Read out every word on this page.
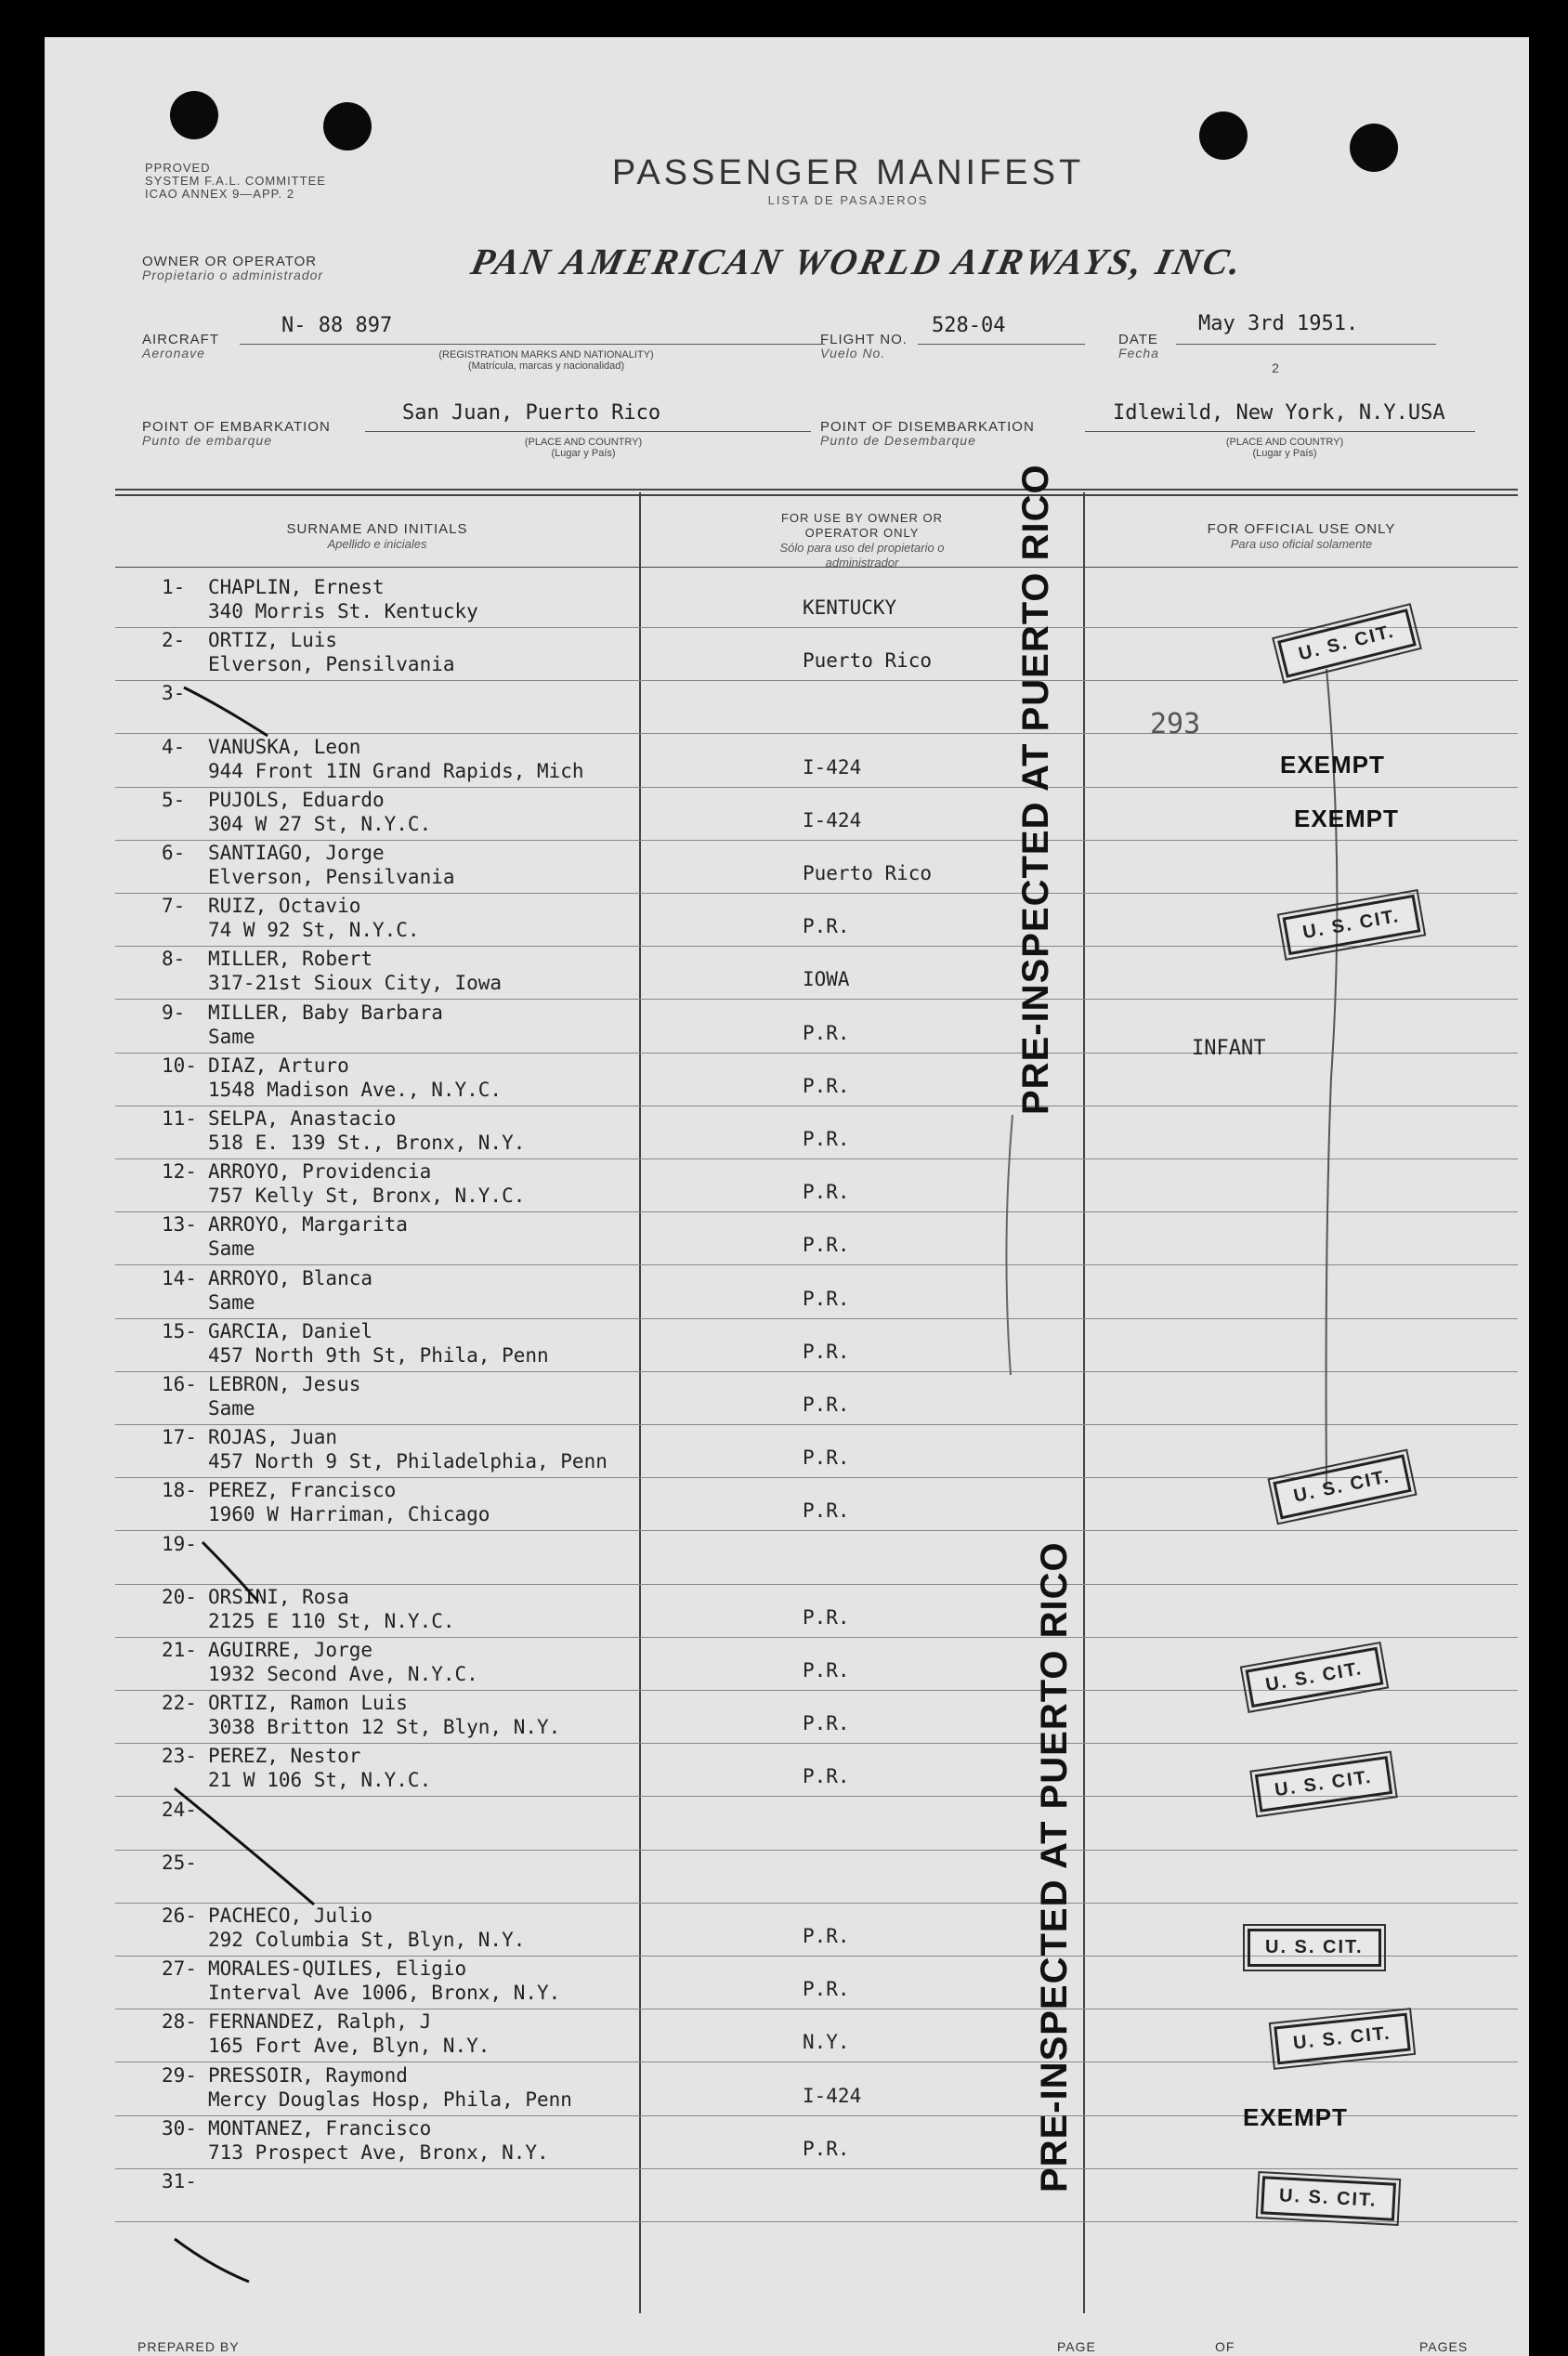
PPROVED
SYSTEM F.A.L. COMMITTEE
ICAO ANNEX 9—APP. 2
PASSENGER MANIFEST
LISTA DE PASAJEROS
OWNER OR OPERATOR
Propietario o administrador	PAN AMERICAN WORLD AIRWAYS, INC.
AIRCRAFT
Aeronave
N- 88 897
(REGISTRATION MARKS AND NATIONALITY)
(Matrícula, marcas y nacionalidad)
FLIGHT NO.
Vuelo No.
528-04
DATE
Fecha
May 3rd 1951.
2
POINT OF EMBARKATION
Punto de embarque
San Juan, Puerto Rico
(PLACE AND COUNTRY)
(Lugar y País)
POINT OF DISEMBARKATION
Punto de Desembarque
Idlewild, New York, N.Y.USA
(PLACE AND COUNTRY)
(Lugar y País)
SURNAME AND INITIALS
Apellido e iniciales
FOR USE BY OWNER OR OPERATOR ONLY
Sólo para uso del propietario o administrador
FOR OFFICIAL USE ONLY
Para uso oficial solamente
1- CHAPLIN, Ernest
340 Morris St. Kentucky	KENTUCKY
2- ORTIZ, Luis
Elverson, Pensilvania	Puerto Rico
3-
4- VANUSKA, Leon
944 Front 1IN Grand Rapids, Mich	I-424
5- PUJOLS, Eduardo
304 W 27 St, N.Y.C.	I-424
6- SANTIAGO, Jorge
Elverson, Pensilvania	Puerto Rico
7- RUIZ, Octavio
74 W 92 St, N.Y.C.	P.R.
8- MILLER, Robert
317-21st Sioux City, Iowa	IOWA
9- MILLER, Baby Barbara
Same	P.R.
10- DIAZ, Arturo
1548 Madison Ave., N.Y.C.	P.R.
11- SELPA, Anastacio
518 E. 139 St., Bronx, N.Y.	P.R.
12- ARROYO, Providencia
757 Kelly St, Bronx, N.Y.C.	P.R.
13- ARROYO, Margarita
Same	P.R.
14- ARROYO, Blanca
Same	P.R.
15- GARCIA, Daniel
457 North 9th St, Phila, Penn	P.R.
16- LEBRON, Jesus
Same	P.R.
17- ROJAS, Juan
457 North 9 St, Philadelphia, Penn	P.R.
18- PEREZ, Francisco
1960 W Harriman, Chicago	P.R.
19-
20- ORSINI, Rosa
2125 E 110 St, N.Y.C.	P.R.
21- AGUIRRE, Jorge
1932 Second Ave, N.Y.C.	P.R.
22- ORTIZ, Ramon Luis
3038 Britton 12 St, Blyn, N.Y.	P.R.
23- PEREZ, Nestor
21 W 106 St, N.Y.C.	P.R.
24-
25-
26- PACHECO, Julio
292 Columbia St, Blyn, N.Y.	P.R.
27- MORALES-QUILES, Eligio
Interval Ave 1006, Bronx, N.Y.	P.R.
28- FERNANDEZ, Ralph, J
165 Fort Ave, Blyn, N.Y.	N.Y.
29- PRESSOIR, Raymond
Mercy Douglas Hosp, Phila, Penn	I-424
30- MONTANEZ, Francisco
713 Prospect Ave, Bronx, N.Y.	P.R.
31-
PRE-INSPECTED AT PUERTO RICO
PRE-INSPECTED AT PUERTO RICO
U. S. CIT.
293
EXEMPT
EXEMPT
U. S. CIT.
INFANT
U. S. CIT.
U. S. CIT.
U. S. CIT.
U. S. CIT.
U. S. CIT.
EXEMPT
U. S. CIT.
PREPARED BY	PAGE	OF	PAGES
